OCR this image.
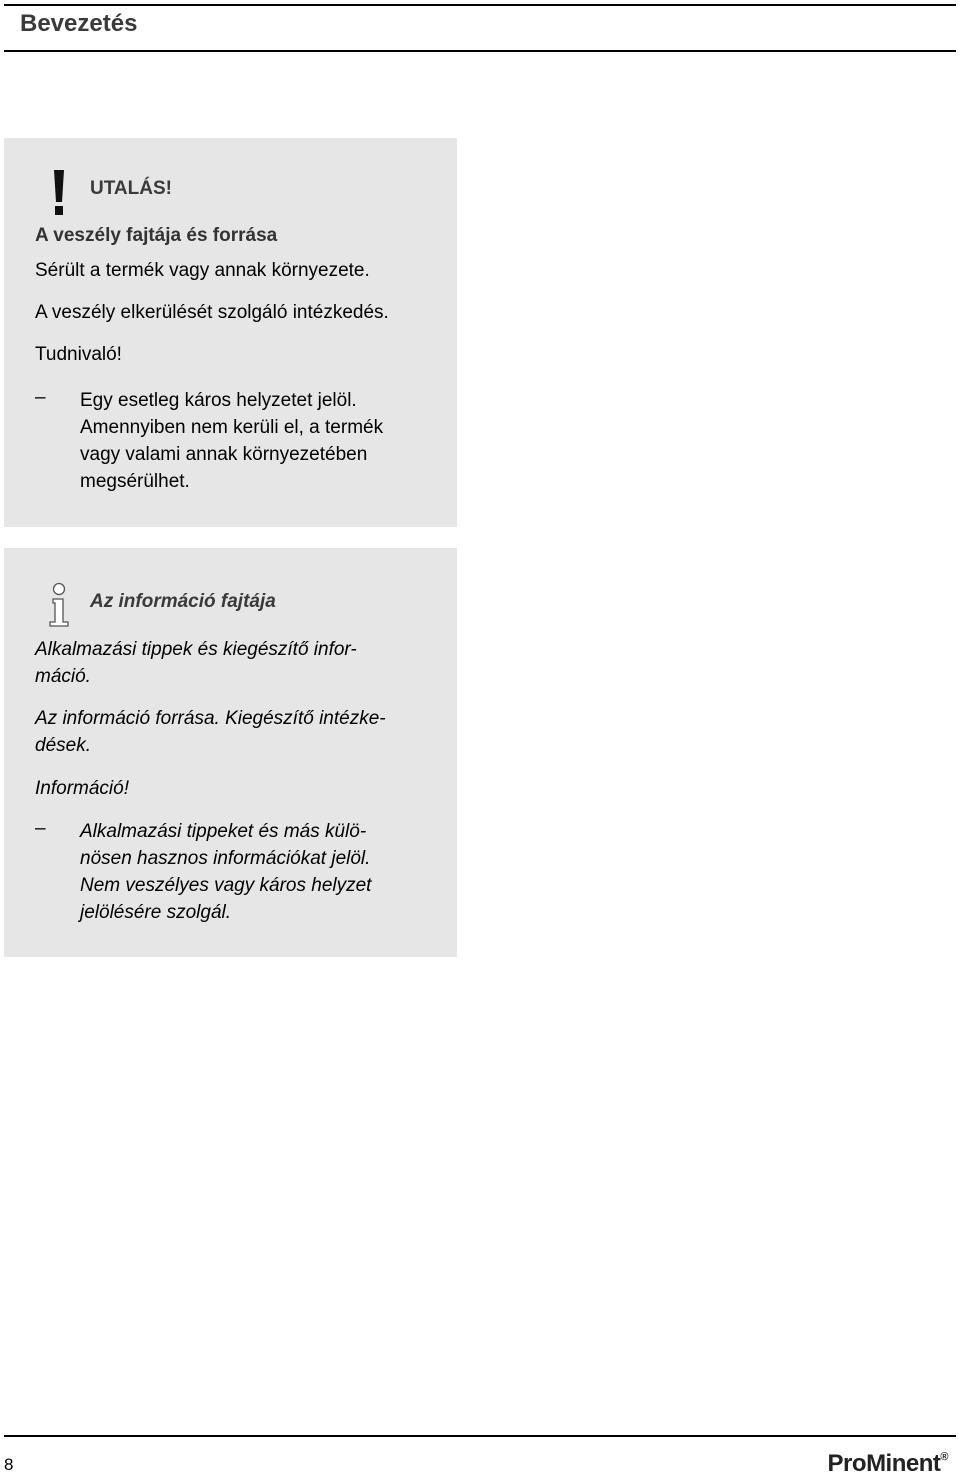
Bevezetés
UTALÁS!
A veszély fajtája és forrása
Sérült a termék vagy annak környezete.
A veszély elkerülését szolgáló intézkedés.
Tudnivaló!
– Egy esetleg káros helyzetet jelöl.
Amennyiben nem kerüli el, a termék
vagy valami annak környezetében
megsérülhet.
Az információ fajtája
Alkalmazási tippek és kiegészítő infor-
máció.
Az információ forrása. Kiegészítő intézke-
dések.
Információ!
– Alkalmazási tippeket és más külö-
nösen hasznos információkat jelöl.
Nem veszélyes vagy káros helyzet
jelölésére szolgál.
8	ProMinent®
